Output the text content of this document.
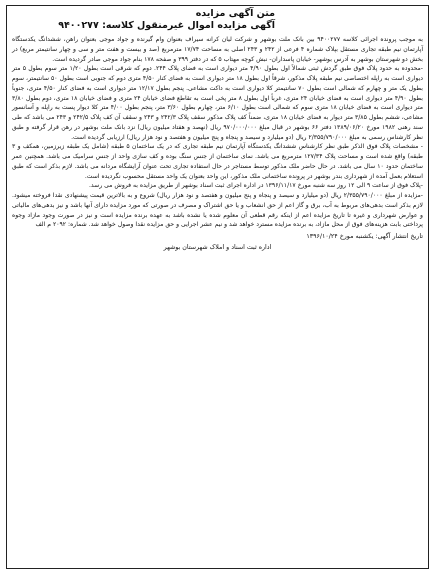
متن آگهی مزایده
آگهی مزایده اموال غیرمنقول کلاسه: ۹۴۰۰۲۷۷

به موجب پرونده اجرائی کلاسه ۹۴۰۰۲۷۷ بین بانک ملت بوشهر و شرکت لیان کرانه سیراف بعنوان وام گیرنده و جواد موجی بعنوان راهن، ششدانگ یکدستگاه آپارتمان نیم طبقه تجاری مستقل بپلاک شماره ۴ فرعی از ۲۴۲ و ۲۴۳ اصلی به مساحت ۱۷/۷۴ مترمربع (صد و بیست و هفت متر و سی و چهار سانتیمتر مربع) در بخش دو شهرستان بوشهر به آدرس بوشهر- خیابان پاسداران- نبش کوچه مهتاب ۵ که در دفتر ۳۹۹ و صفحه ۱۷۸ بنام جواد موجی صادر گردیده است.

-محدوده به حدود پلاک فوق طبق گردش ثبتی شمالاً اول بطول ۴/۹۰ متر دیواری است به فضای پلاک ۲۴۴. دوم که شرقی است بطول ۱/۲۰ متر سوم بطول ۵ متر دیواری است به راپله اختصاصی نیم طبقه پلاک مذکور، شرقاً اول بطول ۱۸ متر دیواری است به فضای کنار ۴/۵۰ متری دوم که جنوبی است بطول ۵۰ سانتیمتر، سوم بطول یک متر و چهارم که شمالی است بطول ۷۰ سانتیمتر کلا دیواری است به داکت مشاعی. پنجم بطول ۱۲/۱۷ متر دیواری است به فضای کنار ۴/۵۰ متری، جنوباً بطول ۴/۹۰ متر دیواری است به فضای خیابان ۲۴ متری، غرباً اول بطول ۸ متر پخی است به تقاطع فضای خیابان ۲۴ متری و فضای خیابان ۱۸ متری، دوم بطول ۳/۸۰ متر دیواری است به فضای خیابان ۱۸ متری سوم که شمالی است بطول ۶/۱۰ متر، چهارم بطول ۳/۶۰ متر، پنجم بطول ۴/۰۰ متر کلا دیوار پست به راپله و آسانسور مشاعی، ششم بطول ۳/۸۵ متر دیوار به فضای خیابان ۱۸ متری، ضمناً کف پلاک مذکور سقف پلاک ۲۴۲/۳ و ۲۴۳ و سقف آن کف پلاک ۲۴۲/۵ و ۲۴۳ می باشد که طی سند رهنی ۱۹۸۲ مورخ ۱۳۸۹/۰۶/۲۰ دفتر ۶۶ بوشهر در قبال مبلغ ۹۷۰/۰۰۰/۰۰۰ ریال (نهصد و هفتاد میلیون ریال) نزد بانک ملت بوشهر در رهن قرار گرفته و طبق نظر کارشناس رسمی به مبلغ ۲/۳۵۵/۷۹۰/۰۰۰ ریال (دو میلیارد و سیصد و پنجاه و پنج میلیون و هفتصد و نود هزار ریال) ارزیابی گردیده است.

- مشخصات پلاک فوق الذکر طبق نظر کارشناس ششدانگ یکدستگاه آپارتمان نیم طبقه تجاری که در یک ساختمان ۵ طبقه (شامل یک طبقه زیرزمین، همکف و ۳ طبقه) واقع شده است و مساحت پلاک ۱۲۷/۳۴ مترمربع می باشد. نمای ساختمان از جنس سنگ بوده و کف سازی واحد از جنس سرامیک می باشد. همچنین عمر ساختمان حدود ۱۰ سال می باشد. در حال حاضر ملک مذکور توسط مستاجر در حال استفاده تجاری تحت عنوان آرایشگاه مردانه می باشد. لازم بذکر است که طبق استعلام بعمل آمده از شهرداری بندر بوشهر در پرونده ساختمانی ملک مذکور، این واحد بعنوان یک واحد مستقل محسوب نگردیده است.

-پلاک فوق از ساعت ۹ الی ۱۲ روز سه شنبه مورخ ۱۳۹۶/۱۱/۱۷ در اداره اجرای ثبت اسناد بوشهر از طریق مزایده به فروش می رسد.

-مزایده از مبلغ ۲/۳۵۵/۷۹۰/۰۰۰ ریال (دو میلیارد و سیصد و پنجاه و پنج میلیون و هفتصد و نود هزار ریال) شروع و به بالاترین قیمت پیشنهادی نقدا فروخته میشود. لازم بذکر است بدهی‌های مربوط به آب، برق و گاز اعم از حق انشعاب و یا حق اشتراک و مصرف در صورتی که مورد مزایده دارای آنها باشد و نیز بدهی‌های مالیاتی و عوارض شهرداری و غیره تا تاریخ مزایده اعم از اینکه رقم قطعی آن معلوم شده یا نشده باشد به عهده برنده مزایده است و نیز در صورت وجود مازاد وجوه پرداختی بابت هزینه‌های فوق از محل مازاد، به برنده مزایده مسترد خواهد شد و نیم عشر اجرایی و حق مزایده نقدا وصول خواهد شد. شماره: ۲۰۹۲ م الف

تاریخ انتشار آگهی: یکشنبه مورخ ۱۳۹۶/۱۰/۲۴
اداره ثبت اسناد و املاک شهرستان بوشهر
